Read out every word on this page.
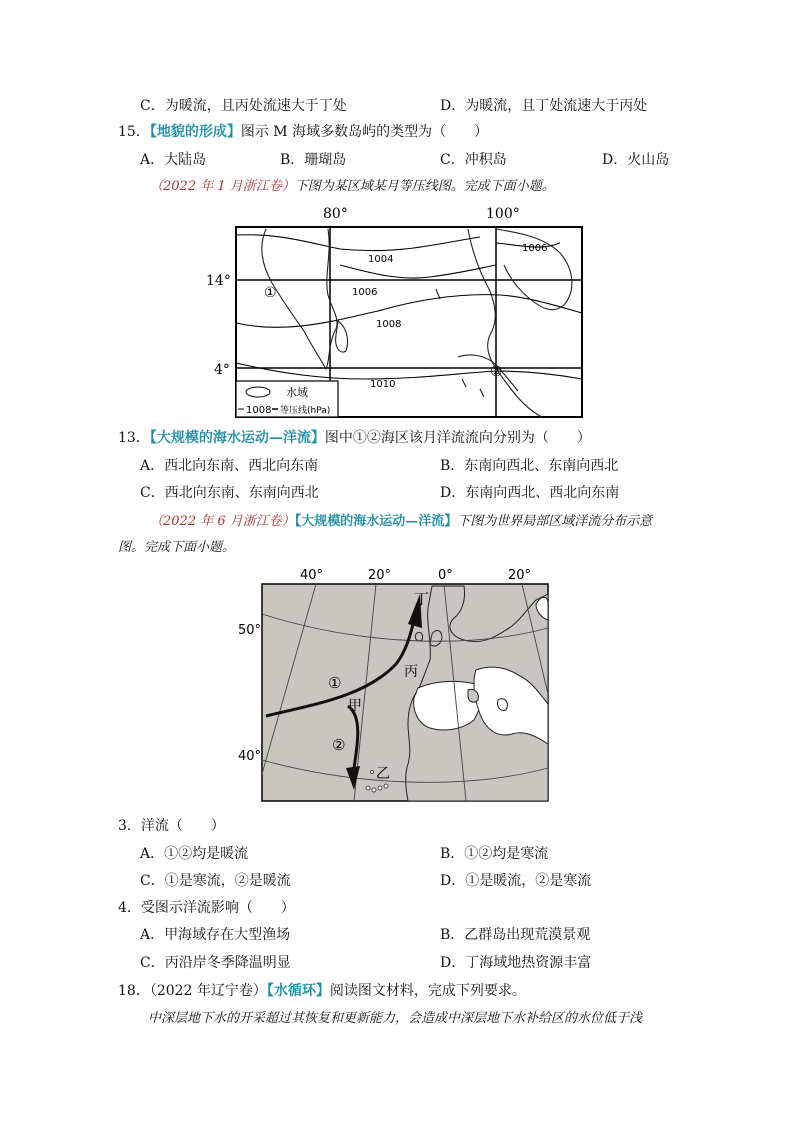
C．为暖流，且丙处流速大于丁处	D．为暖流，且丁处流速大于丙处
15．【地貌的形成】图示 M 海域多数岛屿的类型为（　　）
A．大陆岛	B．珊瑚岛	C．冲积岛	D．火山岛
（2022 年 1 月浙江卷）下图为某区域某月等压线图。完成下面小题。
80°	100°
14°
4°
1004
1006
1006
1008
1010
①
②
水域
1008 等压线(hPa)
13．【大规模的海水运动—洋流】图中①②海区该月洋流流向分别为（　　）
A．西北向东南、西北向东南	B．东南向西北、东南向西北
C．西北向东南、东南向西北	D．东南向西北、西北向东南
（2022 年 6 月浙江卷）【大规模的海水运动—洋流】下图为世界局部区域洋流分布示意
图。完成下面小题。
40°	20°	0°	20°
50°
40°
丁
丙
甲
乙
①
②
3．洋流（　　）
A．①②均是暖流	B．①②均是寒流
C．①是寒流，②是暖流	D．①是暖流，②是寒流
4．受图示洋流影响（　　）
A．甲海域存在大型渔场	B．乙群岛出现荒漠景观
C．丙沿岸冬季降温明显	D．丁海域地热资源丰富
18．（2022 年辽宁卷）【水循环】阅读图文材料，完成下列要求。
中深层地下水的开采超过其恢复和更新能力，会造成中深层地下水补给区的水位低于浅
